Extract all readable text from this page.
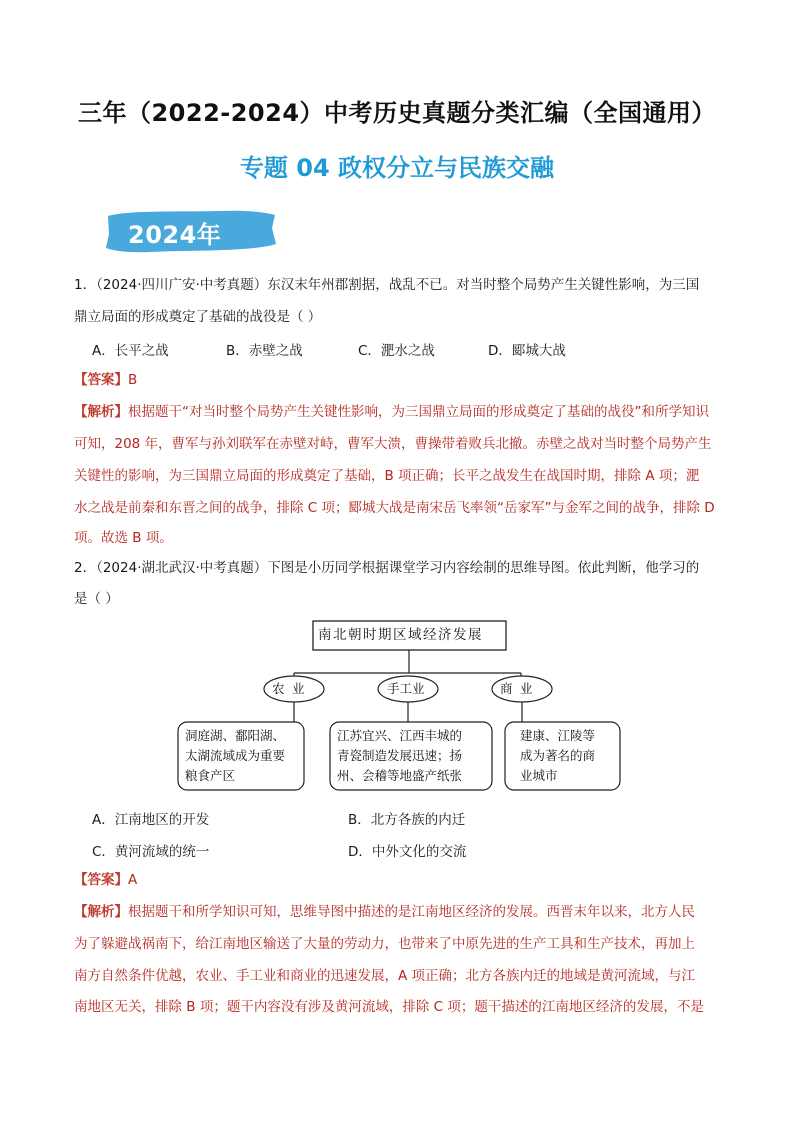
三年（2022-2024）中考历史真题分类汇编（全国通用）
专题 04 政权分立与民族交融
2024年
1．（2024·四川广安·中考真题）东汉末年州郡割据，战乱不已。对当时整个局势产生关键性影响，为三国
鼎立局面的形成奠定了基础的战役是（ ）
A．长平之战	B．赤壁之战	C．淝水之战	D．郾城大战
【答案】B
【解析】根据题干“对当时整个局势产生关键性影响，为三国鼎立局面的形成奠定了基础的战役”和所学知识
可知，208 年，曹军与孙刘联军在赤壁对峙，曹军大溃，曹操带着败兵北撤。赤壁之战对当时整个局势产生
关键性的影响，为三国鼎立局面的形成奠定了基础，B 项正确；长平之战发生在战国时期，排除 A 项；淝
水之战是前秦和东晋之间的战争，排除 C 项；郾城大战是南宋岳飞率领“岳家军”与金军之间的战争，排除 D
项。故选 B 项。
2．（2024·湖北武汉·中考真题）下图是小历同学根据课堂学习内容绘制的思维导图。依此判断，他学习的
是（ ）
南北朝时期区域经济发展
农 业	手工业	商 业
洞庭湖、鄱阳湖、
太湖流域成为重要
粮食产区
江苏宜兴、江西丰城的
青瓷制造发展迅速；扬
州、会稽等地盛产纸张
建康、江陵等
成为著名的商
业城市
A．江南地区的开发	B．北方各族的内迁
C．黄河流域的统一	D．中外文化的交流
【答案】A
【解析】根据题干和所学知识可知，思维导图中描述的是江南地区经济的发展。西晋末年以来，北方人民
为了躲避战祸南下，给江南地区输送了大量的劳动力，也带来了中原先进的生产工具和生产技术，再加上
南方自然条件优越，农业、手工业和商业的迅速发展，A 项正确；北方各族内迁的地域是黄河流域，与江
南地区无关，排除 B 项；题干内容没有涉及黄河流域，排除 C 项；题干描述的江南地区经济的发展，不是
